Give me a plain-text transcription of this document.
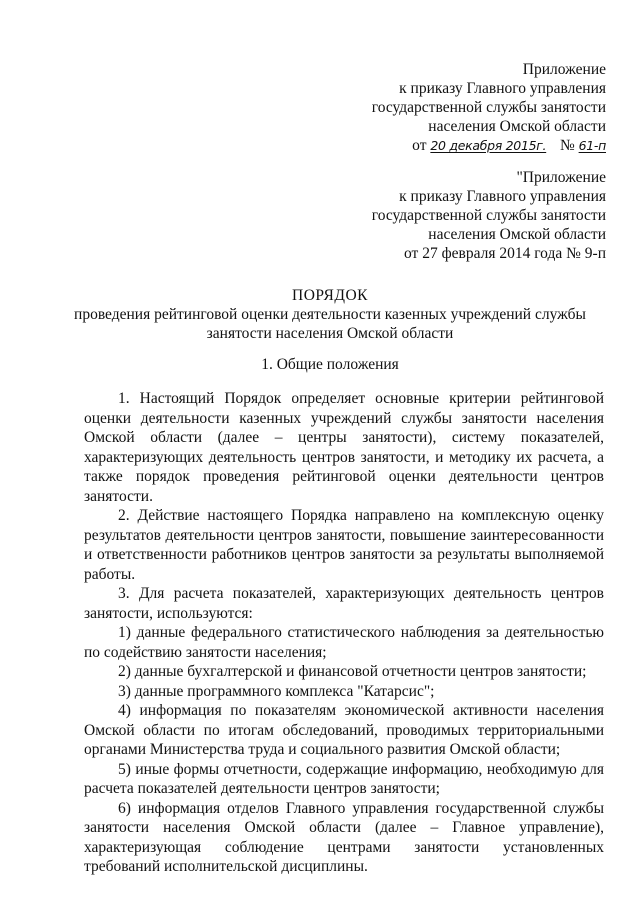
Приложение
к приказу Главного управления
государственной службы занятости
населения Омской области
от 20 декабря 2015г. № 61-п
"Приложение
к приказу Главного управления
государственной службы занятости
населения Омской области
от 27 февраля 2014 года № 9-п
ПОРЯДОК
проведения рейтинговой оценки деятельности казенных учреждений службы занятости населения Омской области
1. Общие положения

1. Настоящий Порядок определяет основные критерии рейтинговой оценки деятельности казенных учреждений службы занятости населения Омской области (далее – центры занятости), систему показателей, характеризующих деятельность центров занятости, и методику их расчета, а также порядок проведения рейтинговой оценки деятельности центров занятости.

2. Действие настоящего Порядка направлено на комплексную оценку результатов деятельности центров занятости, повышение заинтересованности и ответственности работников центров занятости за результаты выполняемой работы.

3. Для расчета показателей, характеризующих деятельность центров занятости, используются:

1) данные федерального статистического наблюдения за деятельностью по содействию занятости населения;

2) данные бухгалтерской и финансовой отчетности центров занятости;

3) данные программного комплекса "Катарсис";

4) информация по показателям экономической активности населения Омской области по итогам обследований, проводимых территориальными органами Министерства труда и социального развития Омской области;

5) иные формы отчетности, содержащие информацию, необходимую для расчета показателей деятельности центров занятости;

6) информация отделов Главного управления государственной службы занятости населения Омской области (далее – Главное управление), характеризующая соблюдение центрами занятости установленных требований исполнительской дисциплины.
